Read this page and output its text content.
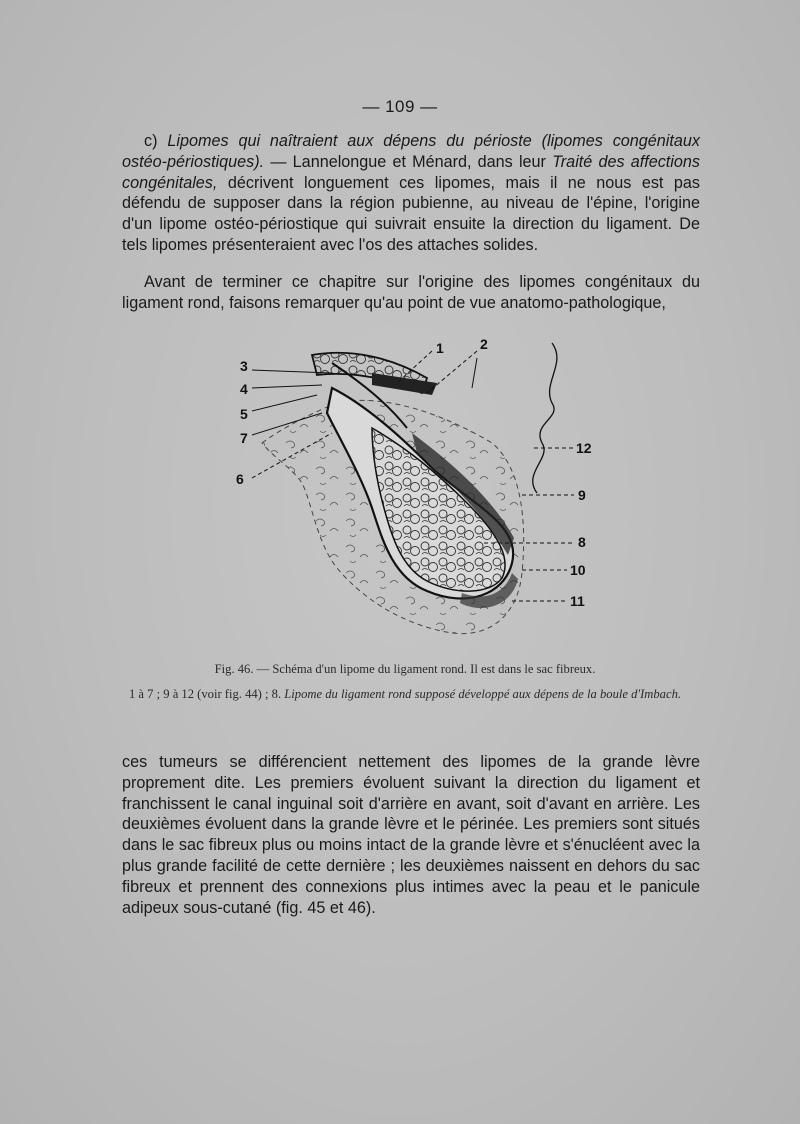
— 109 —

c) Lipomes qui naîtraient aux dépens du périoste (lipomes congénitaux ostéo-périostiques). — Lannelongue et Ménard, dans leur Traité des affections congénitales, décrivent longuement ces lipomes, mais il ne nous est pas défendu de supposer dans la région pubienne, au niveau de l'épine, l'origine d'un lipome ostéo-périostique qui suivrait ensuite la direction du ligament. De tels lipomes présenteraient avec l'os des attaches solides.

Avant de terminer ce chapitre sur l'origine des lipomes congénitaux du ligament rond, faisons remarquer qu'au point de vue anatomo-pathologique,

1	2
3
4
5
7
6
12
9
8
10
11
Fig. 46. — Schéma d'un lipome du ligament rond. Il est dans le sac fibreux.
1 à 7 ; 9 à 12 (voir fig. 44) ; 8. Lipome du ligament rond supposé développé aux dépens de la boule d'Imbach.

ces tumeurs se différencient nettement des lipomes de la grande lèvre proprement dite. Les premiers évoluent suivant la direction du ligament et franchissent le canal inguinal soit d'arrière en avant, soit d'avant en arrière. Les deuxièmes évoluent dans la grande lèvre et le périnée. Les premiers sont situés dans le sac fibreux plus ou moins intact de la grande lèvre et s'énucléent avec la plus grande facilité de cette dernière ; les deuxièmes naissent en dehors du sac fibreux et prennent des connexions plus intimes avec la peau et le panicule adipeux sous-cutané (fig. 45 et 46).
